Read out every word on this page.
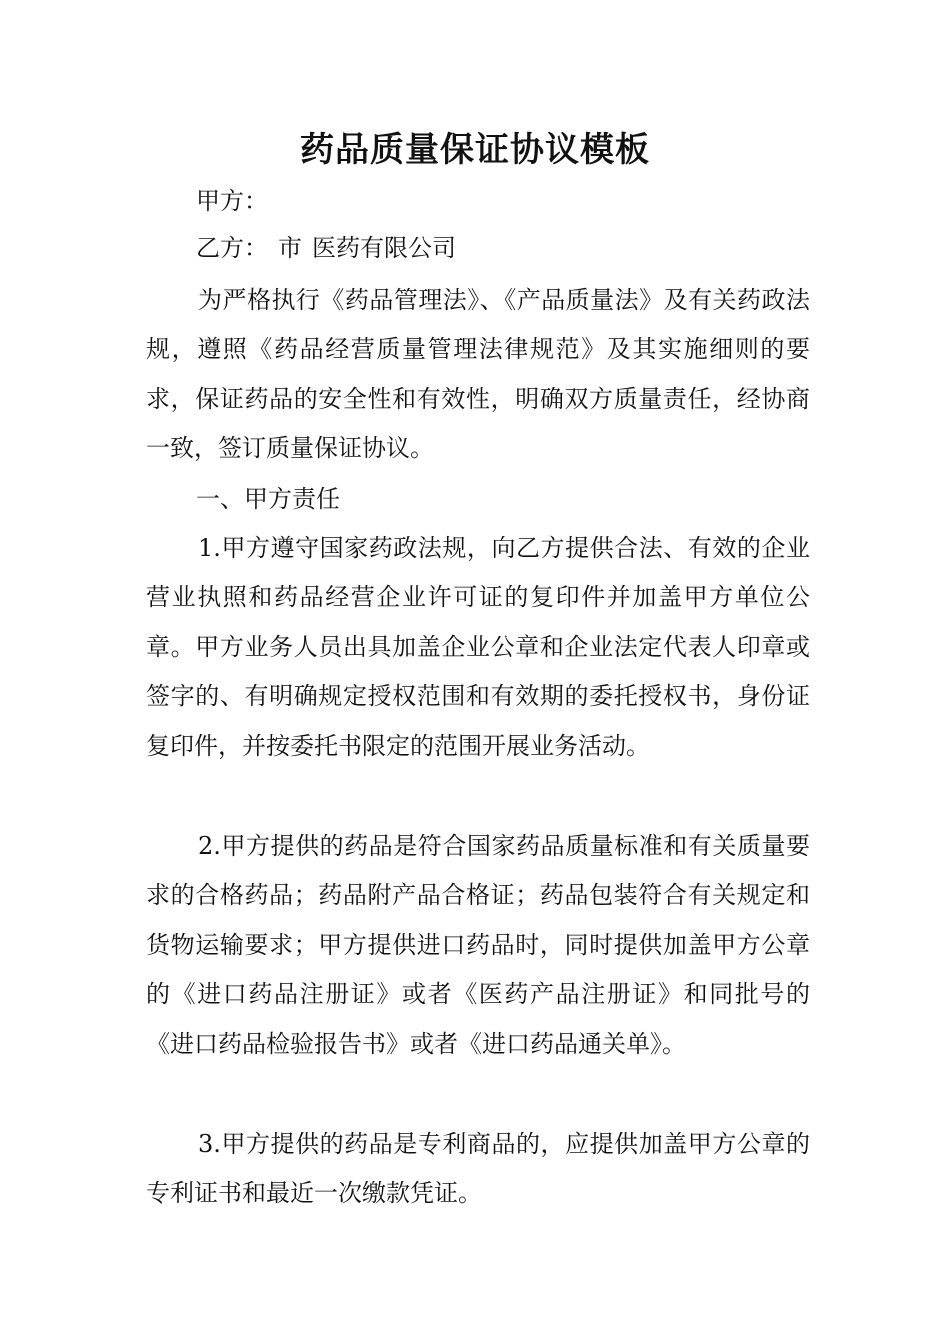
药品质量保证协议模板

甲方：

乙方： 市 医药有限公司

为严格执行《药品管理法》、《产品质量法》及有关药政法规，遵照《药品经营质量管理法律规范》及其实施细则的要求，保证药品的安全性和有效性，明确双方质量责任，经协商一致，签订质量保证协议。

一、甲方责任

1.甲方遵守国家药政法规，向乙方提供合法、有效的企业营业执照和药品经营企业许可证的复印件并加盖甲方单位公章。甲方业务人员出具加盖企业公章和企业法定代表人印章或签字的、有明确规定授权范围和有效期的委托授权书，身份证复印件，并按委托书限定的范围开展业务活动。

2.甲方提供的药品是符合国家药品质量标准和有关质量要求的合格药品；药品附产品合格证；药品包装符合有关规定和货物运输要求；甲方提供进口药品时，同时提供加盖甲方公章的《进口药品注册证》或者《医药产品注册证》和同批号的《进口药品检验报告书》或者《进口药品通关单》。

3.甲方提供的药品是专利商品的，应提供加盖甲方公章的专利证书和最近一次缴款凭证。
